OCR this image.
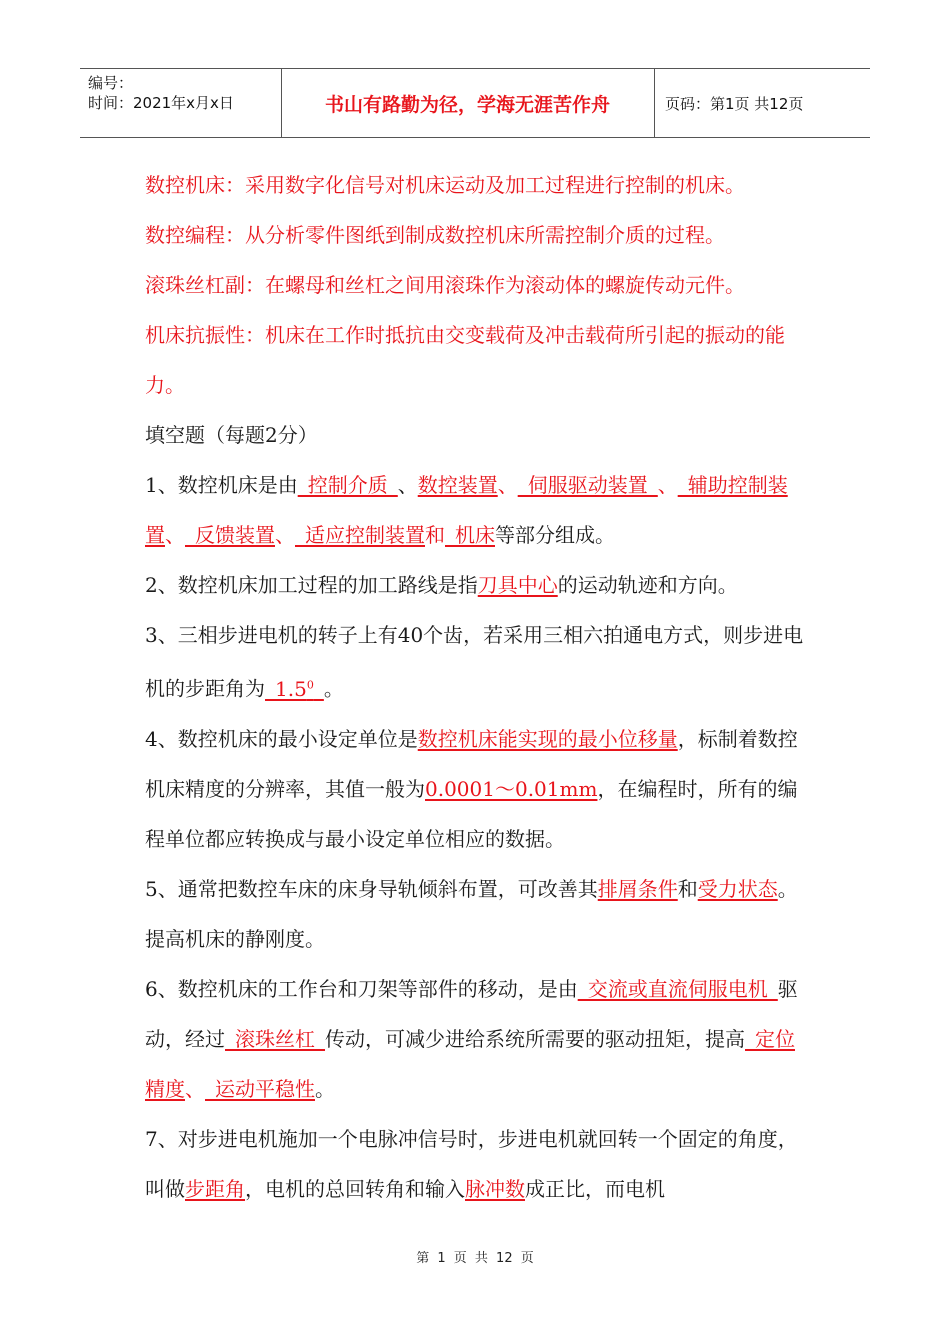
编号：
时间：2021年x月x日	书山有路勤为径，学海无涯苦作舟	页码：第1页 共12页

数控机床：采用数字化信号对机床运动及加工过程进行控制的机床。

数控编程：从分析零件图纸到制成数控机床所需控制介质的过程。

滚珠丝杠副：在螺母和丝杠之间用滚珠作为滚动体的螺旋传动元件。

机床抗振性：机床在工作时抵抗由交变载荷及冲击载荷所引起的振动的能力。

填空题（每题2分）

1、数控机床是由_控制介质_、数控装置、_伺服驱动装置_、_辅助控制装置、_反馈装置、_适应控制装置和_机床等部分组成。

2、数控机床加工过程的加工路线是指刀具中心的运动轨迹和方向。

3、三相步进电机的转子上有40个齿，若采用三相六拍通电方式，则步进电机的步距角为$\_1.5^0\_$。

4、数控机床的最小设定单位是数控机床能实现的最小位移量，标制着数控机床精度的分辨率，其值一般为0.0001～0.01mm，在编程时，所有的编程单位都应转换成与最小设定单位相应的数据。

5、通常把数控车床的床身导轨倾斜布置，可改善其排屑条件和受力状态。提高机床的静刚度。

6、数控机床的工作台和刀架等部件的移动，是由_交流或直流伺服电机_驱动，经过_滚珠丝杠_传动，可减少进给系统所需要的驱动扭矩，提高_定位精度、_运动平稳性。

7、对步进电机施加一个电脉冲信号时，步进电机就回转一个固定的角度，叫做步距角，电机的总回转角和输入脉冲数成正比，而电机

第 1 页 共 12 页
